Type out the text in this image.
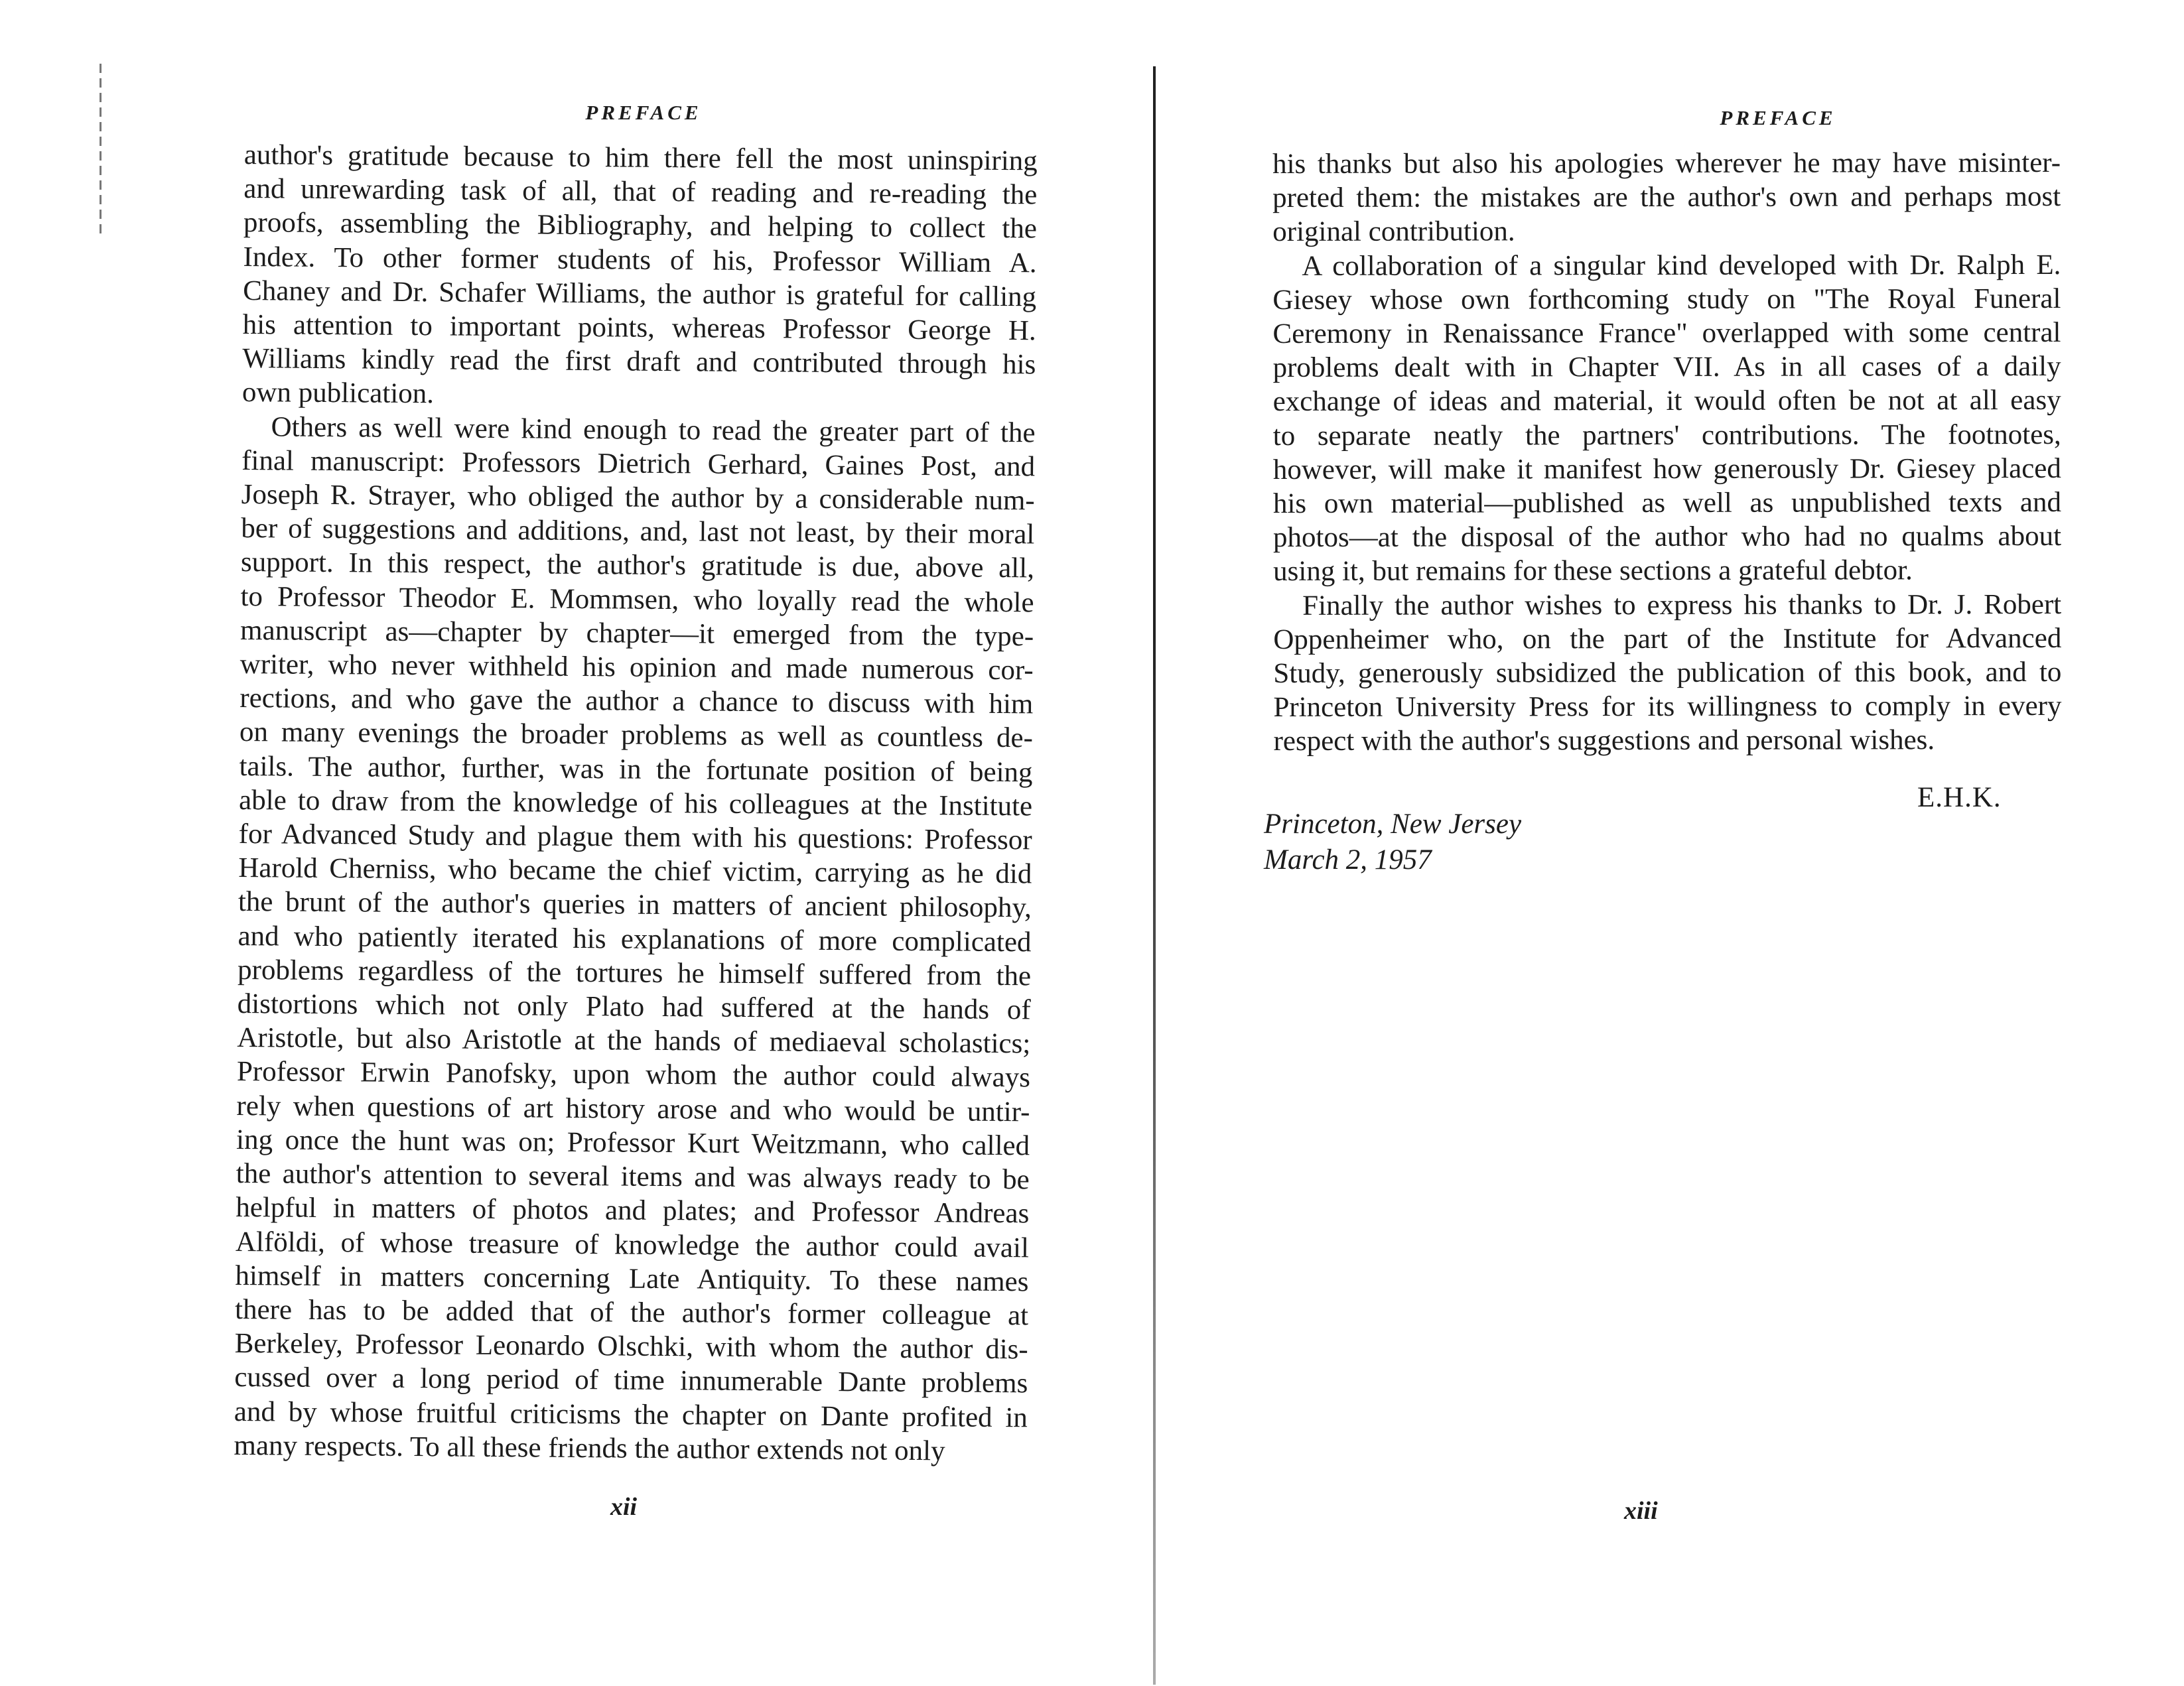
PREFACE
author's gratitude because to him there fell the most uninspiring
and unrewarding task of all, that of reading and re-reading the
proofs, assembling the Bibliography, and helping to collect the
Index. To other former students of his, Professor William A.
Chaney and Dr. Schafer Williams, the author is grateful for calling
his attention to important points, whereas Professor George H.
Williams kindly read the first draft and contributed through his
own publication.
Others as well were kind enough to read the greater part of the
final manuscript: Professors Dietrich Gerhard, Gaines Post, and
Joseph R. Strayer, who obliged the author by a considerable num-
ber of suggestions and additions, and, last not least, by their moral
support. In this respect, the author's gratitude is due, above all,
to Professor Theodor E. Mommsen, who loyally read the whole
manuscript as—chapter by chapter—it emerged from the type-
writer, who never withheld his opinion and made numerous cor-
rections, and who gave the author a chance to discuss with him
on many evenings the broader problems as well as countless de-
tails. The author, further, was in the fortunate position of being
able to draw from the knowledge of his colleagues at the Institute
for Advanced Study and plague them with his questions: Professor
Harold Cherniss, who became the chief victim, carrying as he did
the brunt of the author's queries in matters of ancient philosophy,
and who patiently iterated his explanations of more complicated
problems regardless of the tortures he himself suffered from the
distortions which not only Plato had suffered at the hands of
Aristotle, but also Aristotle at the hands of mediaeval scholastics;
Professor Erwin Panofsky, upon whom the author could always
rely when questions of art history arose and who would be untir-
ing once the hunt was on; Professor Kurt Weitzmann, who called
the author's attention to several items and was always ready to be
helpful in matters of photos and plates; and Professor Andreas
Alföldi, of whose treasure of knowledge the author could avail
himself in matters concerning Late Antiquity. To these names
there has to be added that of the author's former colleague at
Berkeley, Professor Leonardo Olschki, with whom the author dis-
cussed over a long period of time innumerable Dante problems
and by whose fruitful criticisms the chapter on Dante profited in
many respects. To all these friends the author extends not only
xii
PREFACE
his thanks but also his apologies wherever he may have misinter-
preted them: the mistakes are the author's own and perhaps most
original contribution.
A collaboration of a singular kind developed with Dr. Ralph E.
Giesey whose own forthcoming study on "The Royal Funeral
Ceremony in Renaissance France" overlapped with some central
problems dealt with in Chapter VII. As in all cases of a daily
exchange of ideas and material, it would often be not at all easy
to separate neatly the partners' contributions. The footnotes,
however, will make it manifest how generously Dr. Giesey placed
his own material—published as well as unpublished texts and
photos—at the disposal of the author who had no qualms about
using it, but remains for these sections a grateful debtor.
Finally the author wishes to express his thanks to Dr. J. Robert
Oppenheimer who, on the part of the Institute for Advanced
Study, generously subsidized the publication of this book, and to
Princeton University Press for its willingness to comply in every
respect with the author's suggestions and personal wishes.
E.H.K.
Princeton, New Jersey
March 2, 1957
xiii
